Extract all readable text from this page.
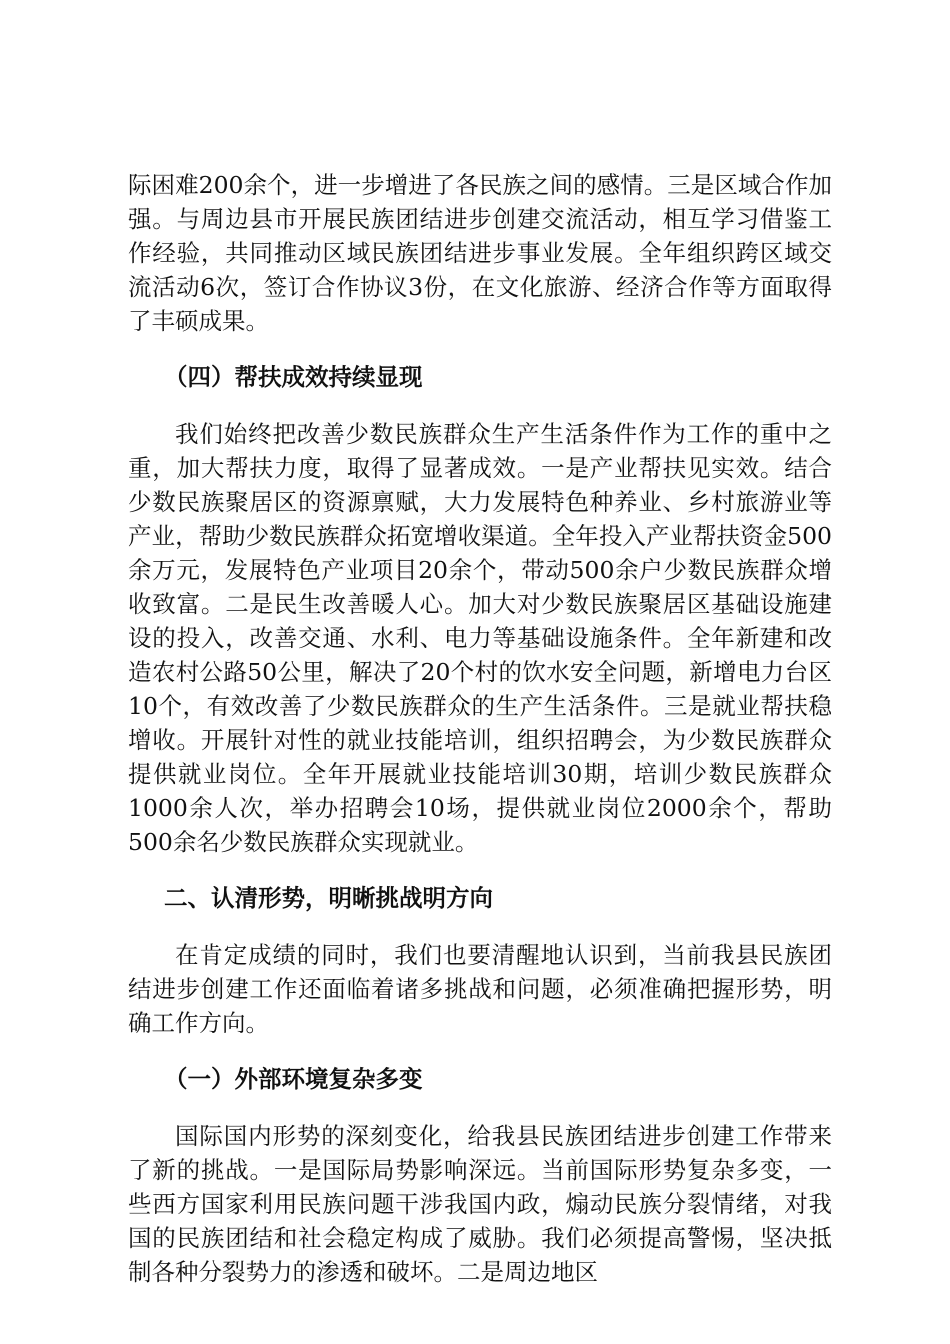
际困难200余个，进一步增进了各民族之间的感情。三是区域合作加强。与周边县市开展民族团结进步创建交流活动，相互学习借鉴工作经验，共同推动区域民族团结进步事业发展。全年组织跨区域交流活动6次，签订合作协议3份，在文化旅游、经济合作等方面取得了丰硕成果。

（四）帮扶成效持续显现

我们始终把改善少数民族群众生产生活条件作为工作的重中之重，加大帮扶力度，取得了显著成效。一是产业帮扶见实效。结合少数民族聚居区的资源禀赋，大力发展特色种养业、乡村旅游业等产业，帮助少数民族群众拓宽增收渠道。全年投入产业帮扶资金500余万元，发展特色产业项目20余个，带动500余户少数民族群众增收致富。二是民生改善暖人心。加大对少数民族聚居区基础设施建设的投入，改善交通、水利、电力等基础设施条件。全年新建和改造农村公路50公里，解决了20个村的饮水安全问题，新增电力台区10个，有效改善了少数民族群众的生产生活条件。三是就业帮扶稳增收。开展针对性的就业技能培训，组织招聘会，为少数民族群众提供就业岗位。全年开展就业技能培训30期，培训少数民族群众1000余人次，举办招聘会10场，提供就业岗位2000余个，帮助500余名少数民族群众实现就业。

二、认清形势，明晰挑战明方向

在肯定成绩的同时，我们也要清醒地认识到，当前我县民族团结进步创建工作还面临着诸多挑战和问题，必须准确把握形势，明确工作方向。

（一）外部环境复杂多变

国际国内形势的深刻变化，给我县民族团结进步创建工作带来了新的挑战。一是国际局势影响深远。当前国际形势复杂多变，一些西方国家利用民族问题干涉我国内政，煽动民族分裂情绪，对我国的民族团结和社会稳定构成了威胁。我们必须提高警惕，坚决抵制各种分裂势力的渗透和破坏。二是周边地区
